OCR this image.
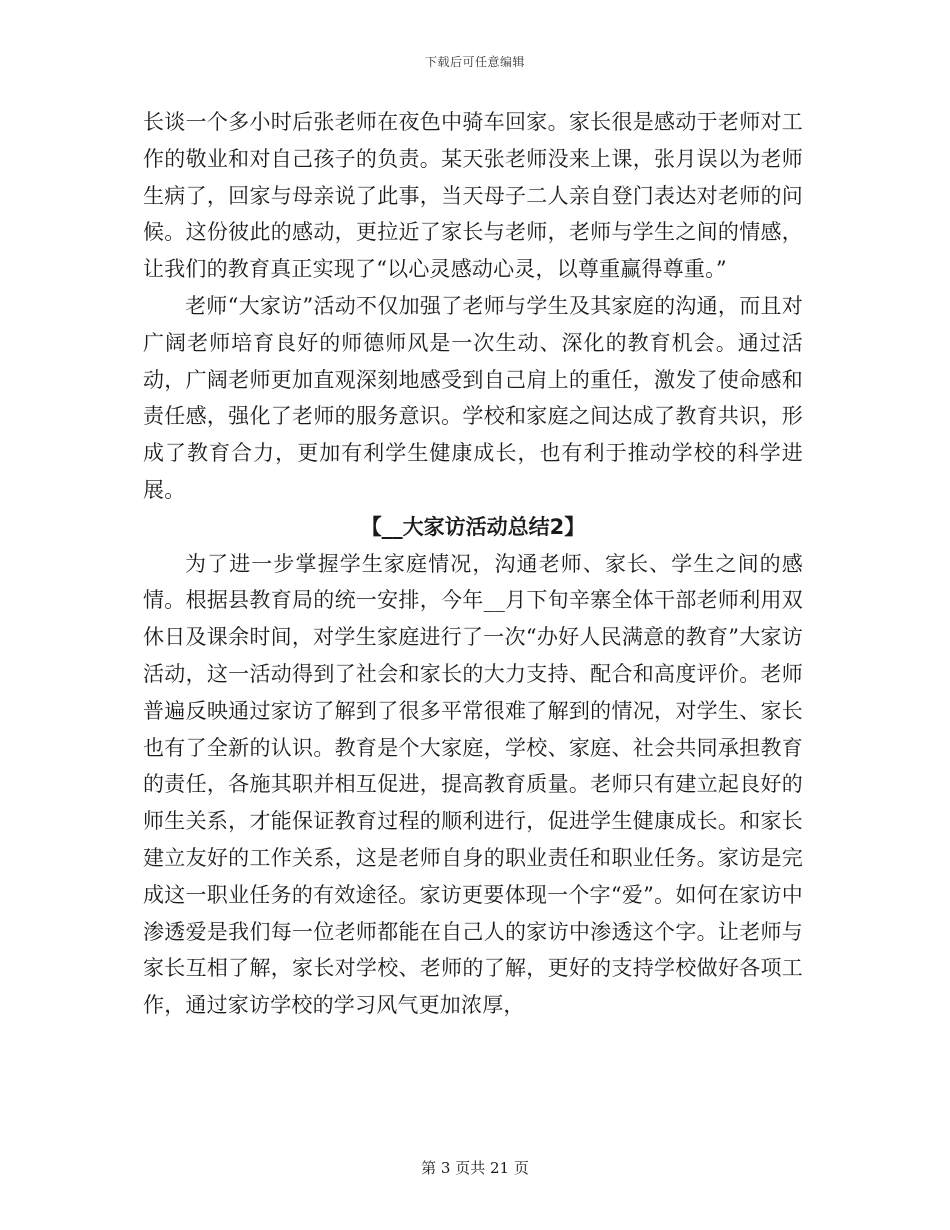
下载后可任意编辑

长谈一个多小时后张老师在夜色中骑车回家。家长很是感动于老师对工作的敬业和对自己孩子的负责。某天张老师没来上课，张月误以为老师生病了，回家与母亲说了此事，当天母子二人亲自登门表达对老师的问候。这份彼此的感动，更拉近了家长与老师，老师与学生之间的情感，让我们的教育真正实现了“以心灵感动心灵，以尊重赢得尊重。”

老师“大家访”活动不仅加强了老师与学生及其家庭的沟通，而且对广阔老师培育良好的师德师风是一次生动、深化的教育机会。通过活动，广阔老师更加直观深刻地感受到自己肩上的重任，激发了使命感和责任感，强化了老师的服务意识。学校和家庭之间达成了教育共识，形成了教育合力，更加有利学生健康成长，也有利于推动学校的科学进展。

【__大家访活动总结2】

为了进一步掌握学生家庭情况，沟通老师、家长、学生之间的感情。根据县教育局的统一安排，今年__月下旬辛寨全体干部老师利用双休日及课余时间，对学生家庭进行了一次“办好人民满意的教育”大家访活动，这一活动得到了社会和家长的大力支持、配合和高度评价。老师普遍反映通过家访了解到了很多平常很难了解到的情况，对学生、家长也有了全新的认识。教育是个大家庭，学校、家庭、社会共同承担教育的责任，各施其职并相互促进，提高教育质量。老师只有建立起良好的师生关系，才能保证教育过程的顺利进行，促进学生健康成长。和家长建立友好的工作关系，这是老师自身的职业责任和职业任务。家访是完成这一职业任务的有效途径。家访更要体现一个字“爱”。如何在家访中渗透爱是我们每一位老师都能在自己人的家访中渗透这个字。让老师与家长互相了解，家长对学校、老师的了解，更好的支持学校做好各项工作，通过家访学校的学习风气更加浓厚，

第 3 页共 21 页
